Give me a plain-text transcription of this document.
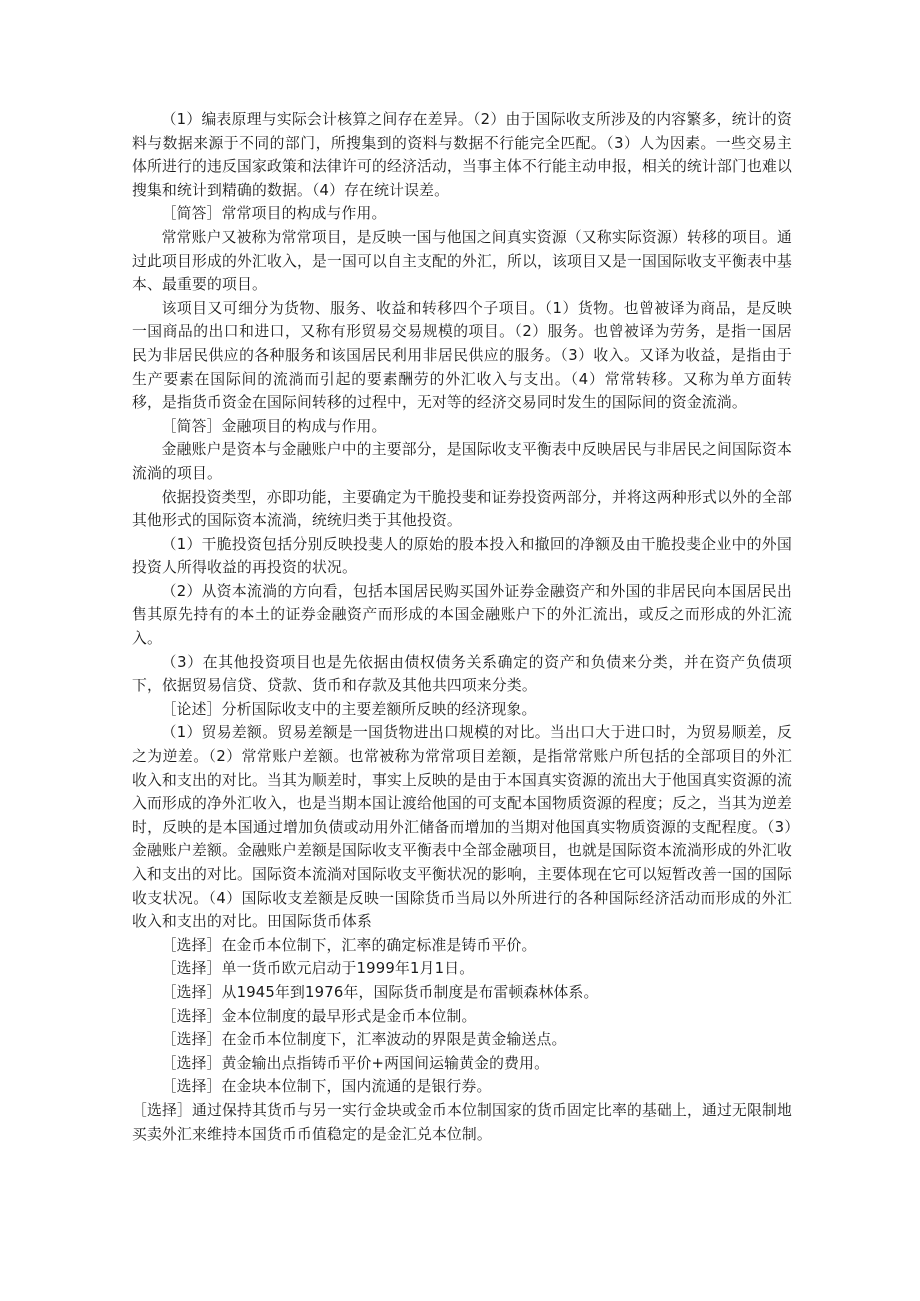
（1）编表原理与实际会计核算之间存在差异。（2）由于国际收支所涉及的内容繁多，统计的资料与数据来源于不同的部门，所搜集到的资料与数据不行能完全匹配。（3）人为因素。一些交易主体所进行的违反国家政策和法律许可的经济活动，当事主体不行能主动申报，相关的统计部门也难以搜集和统计到精确的数据。（4）存在统计误差。

［简答］常常项目的构成与作用。

常常账户又被称为常常项目，是反映一国与他国之间真实资源（又称实际资源）转移的项目。通过此项目形成的外汇收入，是一国可以自主支配的外汇，所以，该项目又是一国国际收支平衡表中基本、最重要的项目。

该项目又可细分为货物、服务、收益和转移四个子项目。（1）货物。也曾被译为商品，是反映一国商品的出口和进口，又称有形贸易交易规模的项目。（2）服务。也曾被译为劳务，是指一国居民为非居民供应的各种服务和该国居民利用非居民供应的服务。（3）收入。又译为收益，是指由于生产要素在国际间的流淌而引起的要素酬劳的外汇收入与支出。（4）常常转移。又称为单方面转移，是指货币资金在国际间转移的过程中，无对等的经济交易同时发生的国际间的资金流淌。

［简答］金融项目的构成与作用。

金融账户是资本与金融账户中的主要部分，是国际收支平衡表中反映居民与非居民之间国际资本流淌的项目。

依据投资类型，亦即功能，主要确定为干脆投斐和证券投资两部分，并将这两种形式以外的全部其他形式的国际资本流淌，统统归类于其他投资。

（1）干脆投资包括分别反映投斐人的原始的股本投入和撤回的净额及由干脆投斐企业中的外国投资人所得收益的再投资的状况。

（2）从资本流淌的方向看，包括本国居民购买国外证券金融资产和外国的非居民向本国居民出售其原先持有的本土的证券金融资产而形成的本国金融账户下的外汇流出，或反之而形成的外汇流入。

（3）在其他投资项目也是先依据由债权债务关系确定的资产和负债来分类，并在资产负债项下，依据贸易信贷、贷款、货币和存款及其他共四项来分类。

［论述］分析国际收支中的主要差额所反映的经济现象。

（1）贸易差额。贸易差额是一国货物进出口规模的对比。当出口大于进口时，为贸易顺差，反之为逆差。（2）常常账户差额。也常被称为常常项目差额，是指常常账户所包括的全部项目的外汇收入和支出的对比。当其为顺差时，事实上反映的是由于本国真实资源的流出大于他国真实资源的流入而形成的净外汇收入，也是当期本国让渡给他国的可支配本国物质资源的程度；反之，当其为逆差时，反映的是本国通过增加负债或动用外汇储备而增加的当期对他国真实物质资源的支配程度。（3）金融账户差额。金融账户差额是国际收支平衡表中全部金融项目，也就是国际资本流淌形成的外汇收入和支出的对比。国际资本流淌对国际收支平衡状况的影响，主要体现在它可以短暂改善一国的国际收支状况。（4）国际收支差额是反映一国除货币当局以外所进行的各种国际经济活动而形成的外汇收入和支出的对比。田国际货币体系

［选择］在金币本位制下，汇率的确定标准是铸币平价。

［选择］单一货币欧元启动于1999年1月1日。

［选择］从1945年到1976年，国际货币制度是布雷顿森林体系。

［选择］金本位制度的最早形式是金币本位制。

［选择］在金币本位制度下，汇率波动的界限是黄金输送点。

［选择］黄金输出点指铸币平价+两国间运输黄金的费用。

［选择］在金块本位制下，国内流通的是银行券。

［选择］通过保持其货币与另一实行金块或金币本位制国家的货币固定比率的基础上，通过无限制地买卖外汇来维持本国货币币值稳定的是金汇兑本位制。
